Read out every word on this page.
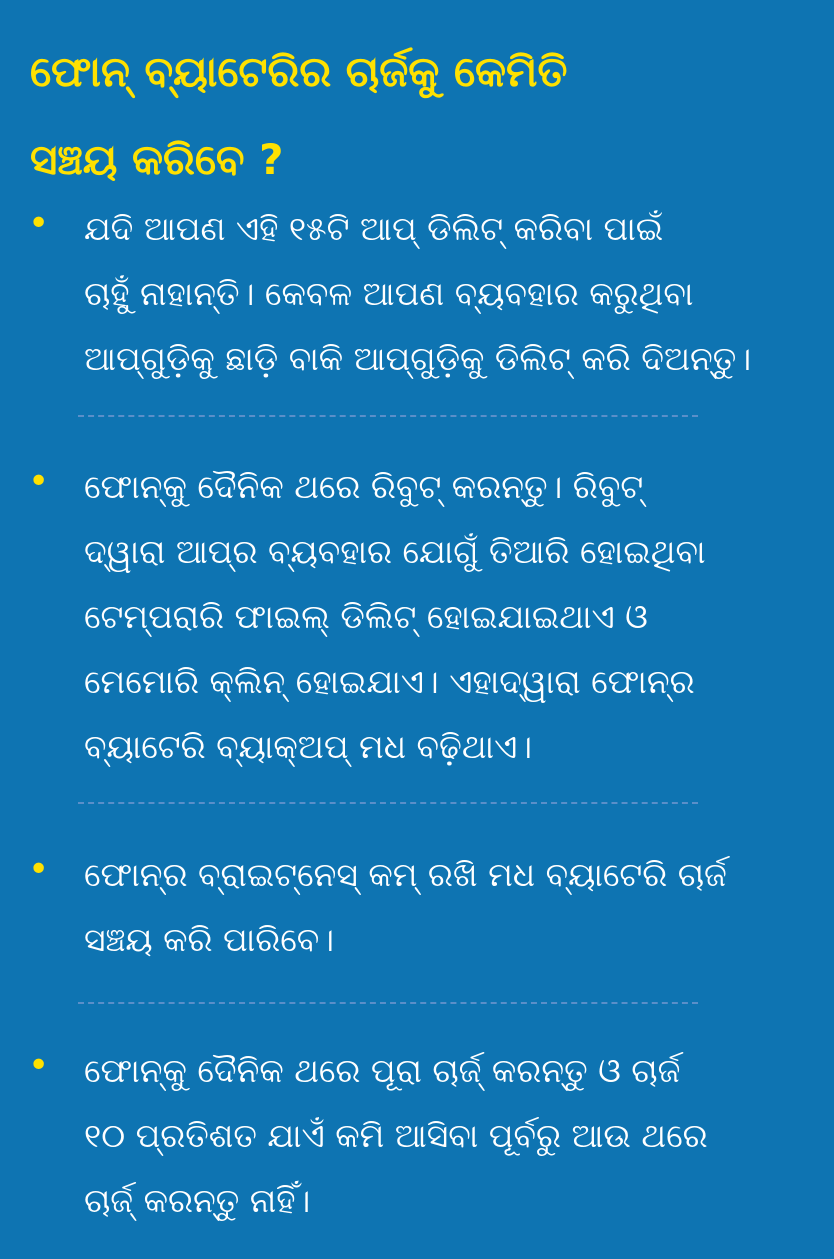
ଫୋନ୍ ବ୍ୟାଟେରିର ଚାର୍ଜକୁ କେମିତି
ସଞ୍ଚୟ କରିବେ ?
• ଯଦି ଆପଣ ଏହି ୧୫ଟି ଆପ୍ ଡିଲିଟ୍ କରିବା ପାଇଁ
ଚାହୁଁ ନାହାନ୍ତି। କେବଳ ଆପଣ ବ୍ୟବହାର କରୁଥିବା
ଆପ୍‌ଗୁଡ଼ିକୁ ଛାଡ଼ି ବାକି ଆପ୍‌ଗୁଡ଼ିକୁ ଡିଲିଟ୍ କରି ଦିଅନ୍ତୁ।
• ଫୋନ୍‌କୁ ଦୈନିକ ଥରେ ରିବୁଟ୍ କରନ୍ତୁ। ରିବୁଟ୍
ଦ୍ୱାରା ଆପ୍‌ର ବ୍ୟବହାର ଯୋଗୁଁ ତିଆରି ହୋଇଥିବା
ଟେମ୍ପରାରି ଫାଇଲ୍ ଡିଲିଟ୍ ହୋଇଯାଇଥାଏ ଓ
ମେମୋରି କ୍ଲିନ୍ ହୋଇଯାଏ। ଏହାଦ୍ୱାରା ଫୋନ୍‌ର
ବ୍ୟାଟେରି ବ୍ୟାକ୍‌ଅପ୍ ମଧ ବଢ଼ିଥାଏ।
• ଫୋନ୍‌ର ବ୍ରାଇଟ୍‌ନେସ୍ କମ୍ ରଖି ମଧ ବ୍ୟାଟେରି ଚାର୍ଜ
ସଞ୍ଚୟ କରି ପାରିବେ।
• ଫୋନ୍‌କୁ ଦୈନିକ ଥରେ ପୂରା ଚାର୍ଜ୍ କରନ୍ତୁ ଓ ଚାର୍ଜ
୧୦ ପ୍ରତିଶତ ଯାଏଁ କମି ଆସିବା ପୂର୍ବରୁ ଆଉ ଥରେ
ଚାର୍ଜ୍ କରନ୍ତୁ ନାହିଁ।
